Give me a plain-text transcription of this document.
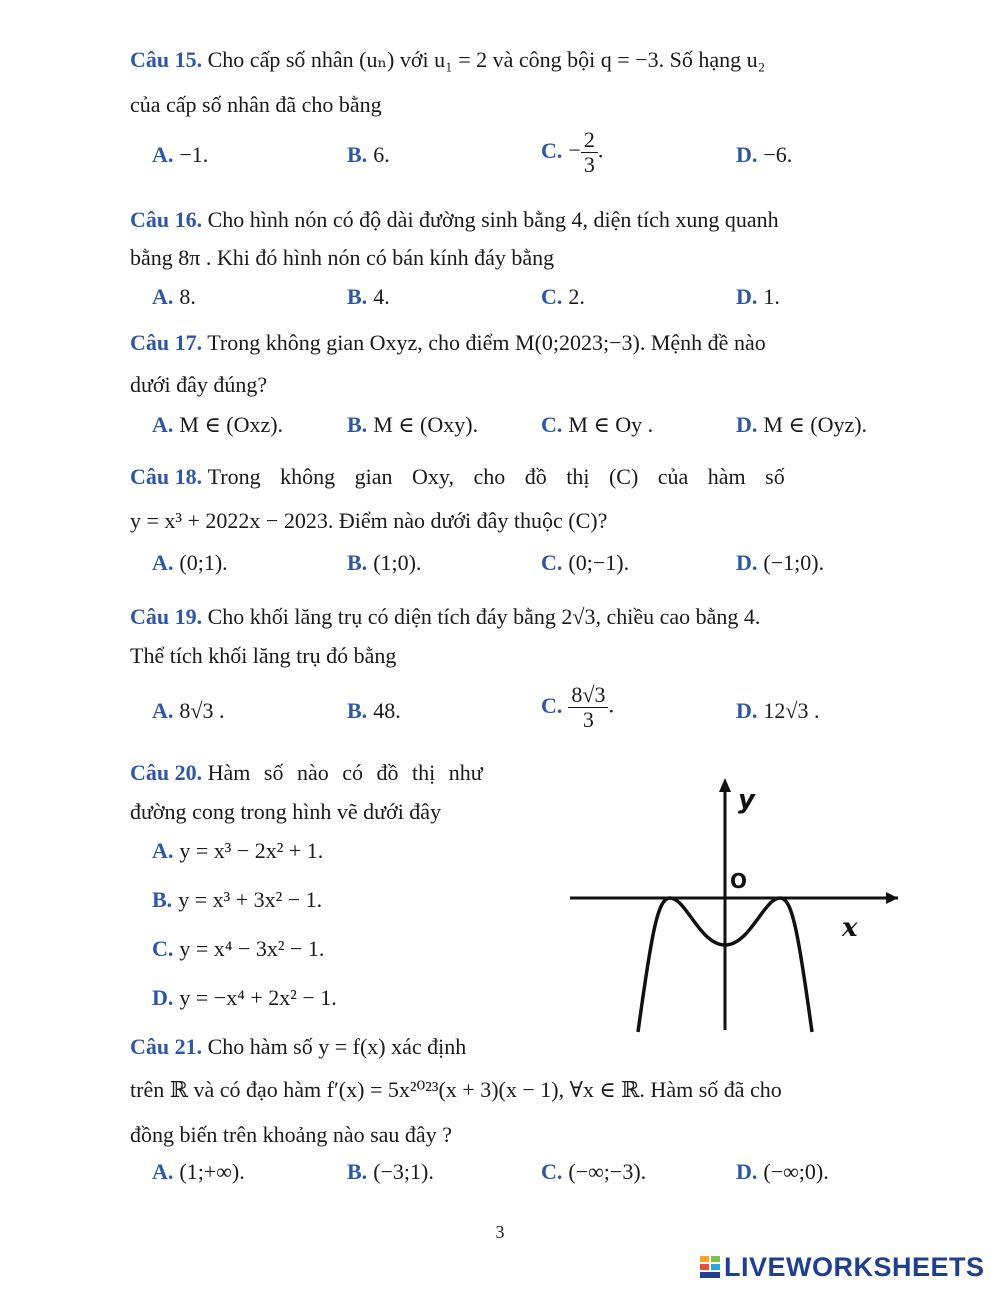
Câu 15. Cho cấp số nhân (uₙ) với u₁ = 2 và công bội q = −3. Số hạng u₂
của cấp số nhân đã cho bằng
A. −1.	B. 6.	C. − $\frac{2}{3}$ .	D. −6.
Câu 16. Cho hình nón có độ dài đường sinh bằng 4, diện tích xung quanh
bằng 8π . Khi đó hình nón có bán kính đáy bằng
A. 8.	B. 4.	C. 2.	D. 1.
Câu 17. Trong không gian Oxyz, cho điểm M(0;2023;−3). Mệnh đề nào
dưới đây đúng?
A. M ∈ (Oxz).	B. M ∈ (Oxy).	C. M ∈ Oy .	D. M ∈ (Oyz).
Câu 18. Trong không gian Oxy, cho đồ thị (C) của hàm số
y = x³ + 2022x − 2023. Điểm nào dưới đây thuộc (C)?
A. (0;1).	B. (1;0).	C. (0;−1).	D. (−1;0).
Câu 19. Cho khối lăng trụ có diện tích đáy bằng 2√3, chiều cao bằng 4.
Thể tích khối lăng trụ đó bằng
A. 8√3 .	B. 48.	C. $\frac{8√3}{3}$ .	D. 12√3 .
Câu 20. Hàm số nào có đồ thị như
đường cong trong hình vẽ dưới đây
A. y = x³ − 2x² + 1.
B. y = x³ + 3x² − 1.
C. y = x⁴ − 3x² − 1.
D. y = −x⁴ + 2x² − 1.
y
x
O
Câu 21. Cho hàm số y = f(x) xác định
trên ℝ và có đạo hàm f′(x) = 5x²⁰²³(x + 3)(x − 1), ∀x ∈ ℝ. Hàm số đã cho
đồng biến trên khoảng nào sau đây ?
A. (1;+∞).	B. (−3;1).	C. (−∞;−3).	D. (−∞;0).
3
LIVEWORKSHEETS
